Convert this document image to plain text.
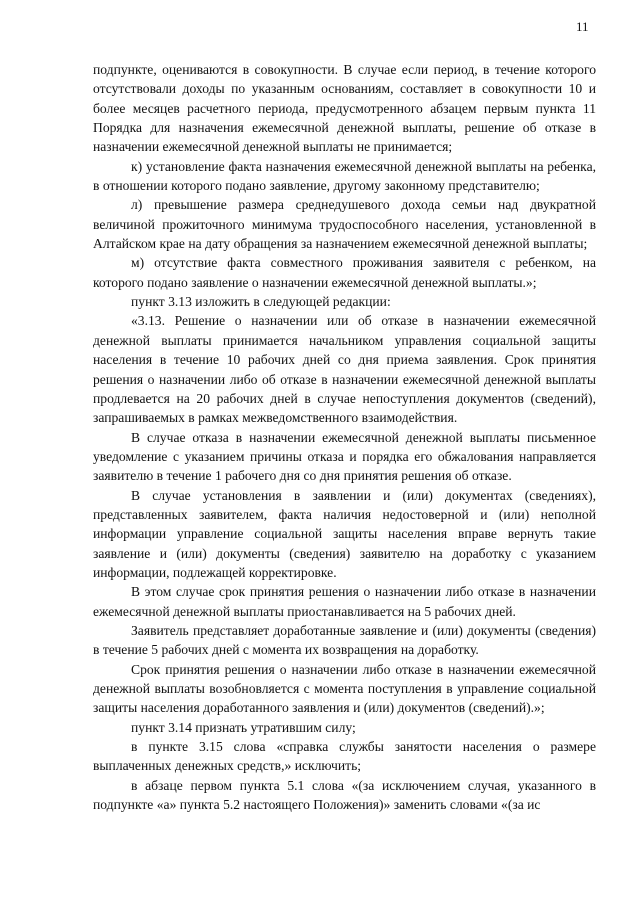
11

подпункте, оцениваются в совокупности. В случае если период, в течение которого отсутствовали доходы по указанным основаниям, составляет в совокупности 10 и более месяцев расчетного периода, предусмотренного абзацем первым пункта 11 Порядка для назначения ежемесячной денежной выплаты, решение об отказе в назначении ежемесячной денежной выплаты не принимается;

к) установление факта назначения ежемесячной денежной выплаты на ребенка, в отношении которого подано заявление, другому законному представителю;

л) превышение размера среднедушевого дохода семьи над двукратной величиной прожиточного минимума трудоспособного населения, установленной в Алтайском крае на дату обращения за назначением ежемесячной денежной выплаты;

м) отсутствие факта совместного проживания заявителя с ребенком, на которого подано заявление о назначении ежемесячной денежной выплаты.»;

пункт 3.13 изложить в следующей редакции:

«3.13. Решение о назначении или об отказе в назначении ежемесячной денежной выплаты принимается начальником управления социальной защиты населения в течение 10 рабочих дней со дня приема заявления. Срок принятия решения о назначении либо об отказе в назначении ежемесячной денежной выплаты продлевается на 20 рабочих дней в случае непоступления документов (сведений), запрашиваемых в рамках межведомственного взаимодействия.

В случае отказа в назначении ежемесячной денежной выплаты письменное уведомление с указанием причины отказа и порядка его обжалования направляется заявителю в течение 1 рабочего дня со дня принятия решения об отказе.

В случае установления в заявлении и (или) документах (сведениях), представленных заявителем, факта наличия недостоверной и (или) неполной информации управление социальной защиты населения вправе вернуть такие заявление и (или) документы (сведения) заявителю на доработку с указанием информации, подлежащей корректировке.

В этом случае срок принятия решения о назначении либо отказе в назначении ежемесячной денежной выплаты приостанавливается на 5 рабочих дней.

Заявитель представляет доработанные заявление и (или) документы (сведения) в течение 5 рабочих дней с момента их возвращения на доработку.

Срок принятия решения о назначении либо отказе в назначении ежемесячной денежной выплаты возобновляется с момента поступления в управление социальной защиты населения доработанного заявления и (или) документов (сведений).»;

пункт 3.14 признать утратившим силу;

в пункте 3.15 слова «справка службы занятости населения о размере выплаченных денежных средств,» исключить;

в абзаце первом пункта 5.1 слова «(за исключением случая, указанного в подпункте «а» пункта 5.2 настоящего Положения)» заменить словами «(за ис
